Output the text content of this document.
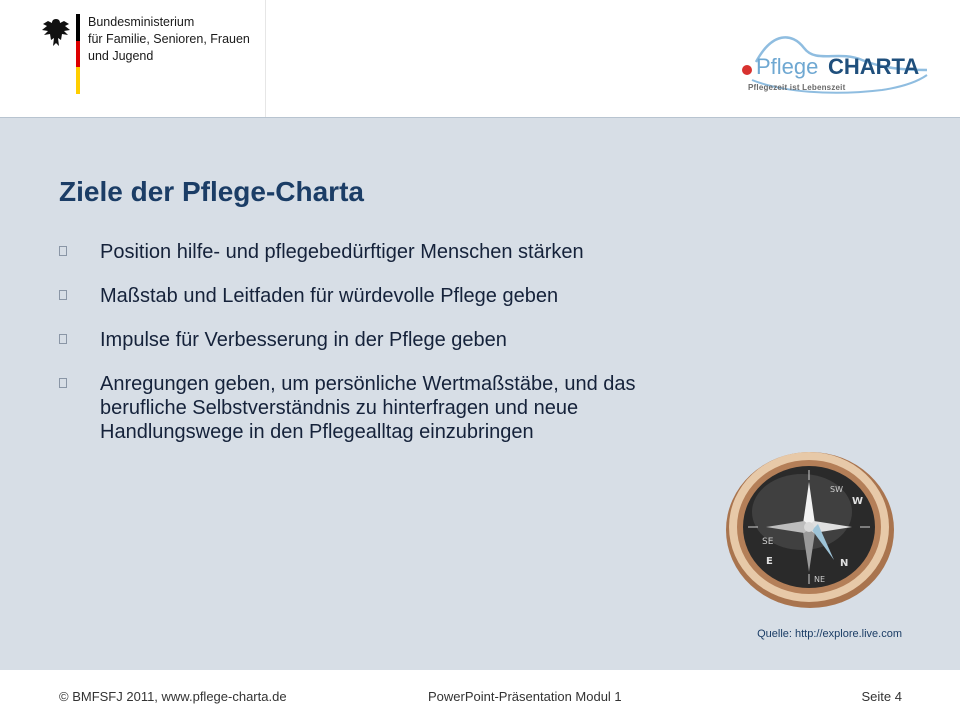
Bundesministerium
für Familie, Senioren, Frauen
und Jugend	Pflege CHARTA
Pflegezeit ist Lebenszeit
Ziele der Pflege-Charta
Position hilfe- und pflegebedürftiger Menschen stärken
Maßstab und Leitfaden für würdevolle Pflege geben
Impulse für Verbesserung in der Pflege geben
Anregungen geben, um persönliche Wertmaßstäbe, und das berufliche Selbstverständnis zu hinterfragen und neue Handlungswege in den Pflegealltag einzubringen
W
SW
SE
E
NE
N
Quelle: http://explore.live.com
© BMFSFJ 2011, www.pflege-charta.de	PowerPoint-Präsentation Modul 1	Seite 4
